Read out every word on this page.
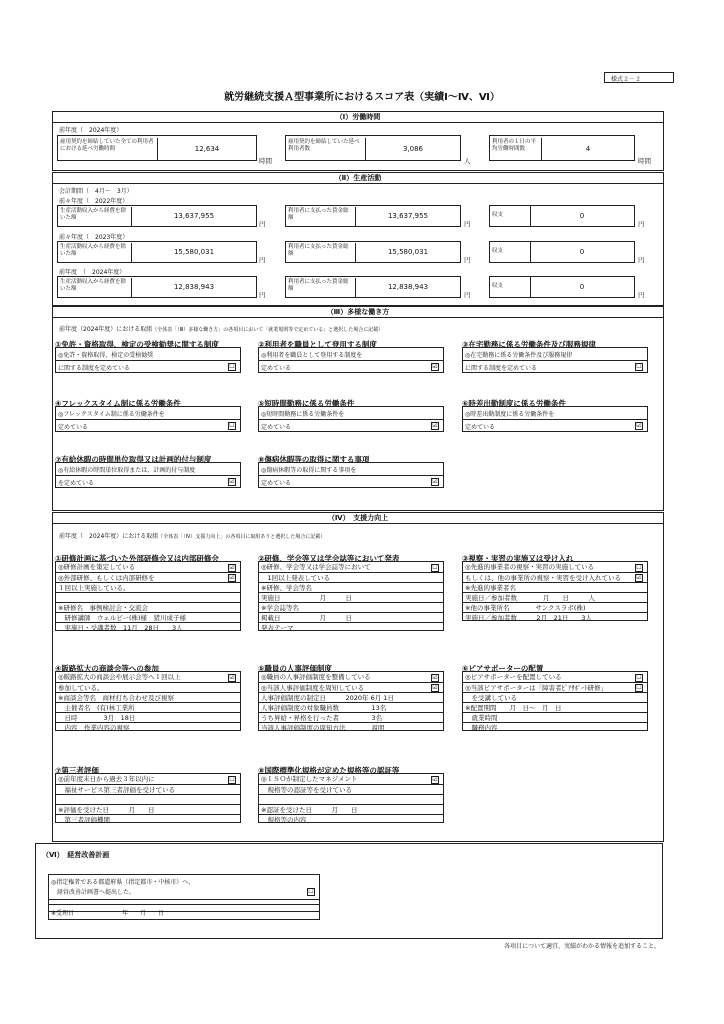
様式２－２
就労継続支援Ａ型事業所におけるスコア表（実績Ⅰ～Ⅳ、Ⅵ）
（Ⅰ）労働時間
前年度（　2024年度）
雇用契約を締結していた全ての利用者における延べ労働時間	12,634
時間
雇用契約を締結していた延べ利用者数	3,086
人
利用者の１日の平均労働時間数	4
時間
（Ⅱ）生産活動
会計期間（　4月～　3月）
前々年度（　2022年度）
生産活動収入から経費を除いた額	13,637,955
円
利用者に支払った賃金総額	13,637,955
円
収支	0
円
前々年度（　2023年度）
生産活動収入から経費を除いた額	15,580,031
円
利用者に支払った賃金総額	15,580,031
円
収支	0
円
前年度　（　2024年度）
生産活動収入から経費を除いた額	12,838,943
円
利用者に支払った賃金総額	12,838,943
円
収支	0
円
（Ⅲ）多様な働き方
前年度（2024年度）における取組（全体表「（Ⅲ）多様な働き方」の各項目において「就業規則等で定めている」と選択した場合に記載）
①免許・資格取得、検定の受検勧奨に関する制度
◎免許・資格取得、検定の受検勧奨
に関する制度を定めている	☐
②利用者を職員として登用する制度
◎利用者を職員として登用する制度を
定めている	☑
③在宅勤務に係る労働条件及び服務規律
◎在宅勤務に係る労働条件及び服務規律
に関する制度を定めている	☐
④フレックスタイム制に係る労働条件
◎フレックスタイム制に係る労働条件を
定めている	☐
⑤短時間勤務に係る労働条件
◎短時間勤務に係る労働条件を
定めている	☑
⑥時差出勤制度に係る労働条件
◎時差出勤制度に係る労働条件を
定めている	☑
⑦有給休暇の時間単位取得又は計画的付与制度
◎有給休暇の時間単位取得または、計画的付与制度
を定めている	☑
⑧傷病休暇等の取得に関する事項
◎傷病休暇等の取得に関する事項を
定めている	☑
（Ⅳ）　支援力向上
前年度（　2024年度）における取組（全体表「（Ⅳ）支援力向上」の各項目に取組ありと選択した場合に記載）
①研修計画に基づいた外部研修会又は内部研修会
◎研修計画を策定している
◎外部研修、もしくは内部研修を
１回以上実施している。
※研修名　事例検討会・交流会
　研修講師　ウェルビー(株)様　猪川成子様
　実施日・受講者数　11月　28日　　3人
☑
☑
②研修、学会等又は学会誌等において発表
◎研修、学会等又は学会誌等において
　1回以上発表している
※研修、学会等名
実施日　　　　　　月　　　日
※学会誌等名
掲載日　　　　　　月　　　日
発表テーマ
☐
③視察・実習の実施又は受け入れ
◎先進的事業者の視察・実習の実施している
もしくは、他の事業所の視察・実習を受け入れている
※先進的事業者名
実施日／参加者数　　　　月　　日　　　人
※他の事業所名　　　　サンクスラボ(株)
実施日／参加者数　　　2月　21日　　3人
☐
☑
④販路拡大の商談会等への参加
◎販路拡大の商談会や展示会等へ１回以上
参加している。
※商談会等名　商材打ち合わせ及び視察
　主催者名　(有)林工業所
　日時　　　　3月　18日
　内容　作業内容の視察
☑
⑤職員の人事評価制度
◎職員の人事評価制度を整備している
◎当該人事評価制度を周知している
人事評価制度の制定日　　　2020年 6月 1日
人事評価制度の対象職員数　　　　　13名
うち昇給・昇格を行った者　　　　　3名
当該人事評価制度の周知方法　　　　説明
☑
☑
⑥ピアサポーターの配置
◎ピアサポーターを配置している
◎当該ピアサポーターは「障害者ﾋﾟｱｻﾎﾟｰﾄ研修」
　を受講している
※配置期間　　月　日～　月　日
　就業時間
　職務内容
☐
☐
⑦第三者評価
◎前年度末日から過去３年以内に
　福祉サービス第三者評価を受けている
※評価を受けた日　　　月　　日
　第三者評価機関
☐
⑧国際標準化規格が定めた規格等の認証等
◎ＩＳＯが制定したマネジメント
　規格等の認証等を受けている
※認証を受けた日　　　月　　日
　規格等の内容
☑
（Ⅵ）　経営改善計画
◎指定権者である都道府県（指定都市・中核市）へ、
　経営改善計画書へ提出した。	☐
※受理日　　　　　　　　年　　月　　日
各項目について適宜、実績がわかる情報を追加すること。
